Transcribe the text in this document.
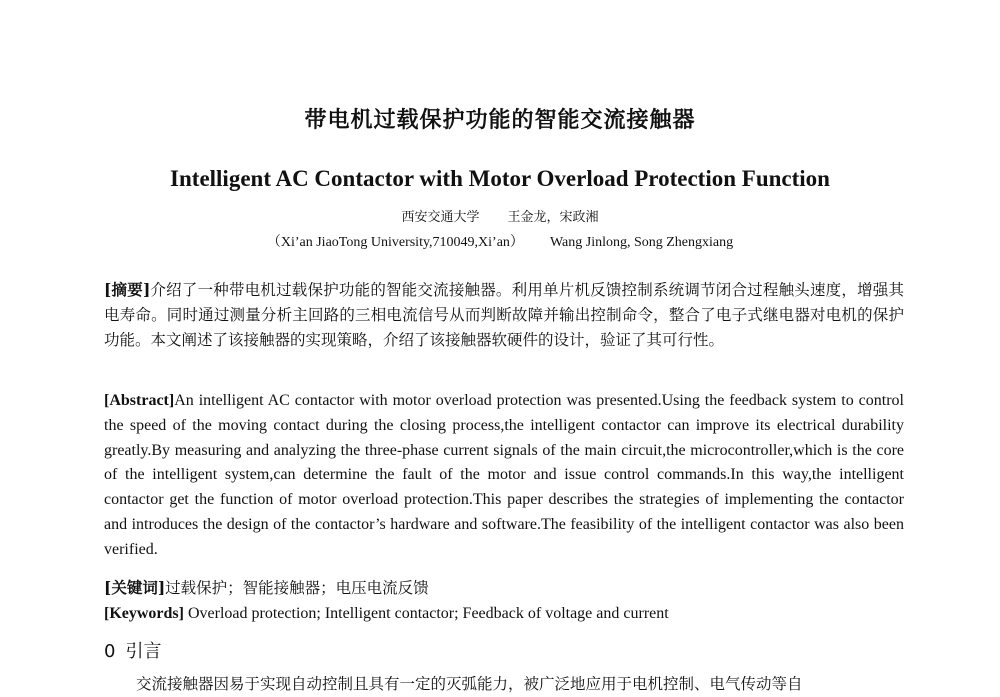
带电机过载保护功能的智能交流接触器
Intelligent AC Contactor with Motor Overload Protection Function
西安交通大学 王金龙，宋政湘
（Xi’an JiaoTong University,710049,Xi’an） Wang Jinlong, Song Zhengxiang

[摘要]介绍了一种带电机过载保护功能的智能交流接触器。利用单片机反馈控制系统调节闭合过程触头速度，增强其电寿命。同时通过测量分析主回路的三相电流信号从而判断故障并输出控制命令，整合了电子式继电器对电机的保护功能。本文阐述了该接触器的实现策略，介绍了该接触器软硬件的设计，验证了其可行性。

[Abstract]An intelligent AC contactor with motor overload protection was presented.Using the feedback system to control the speed of the moving contact during the closing process,the intelligent contactor can improve its electrical durability greatly.By measuring and analyzing the three-phase current signals of the main circuit,the microcontroller,which is the core of the intelligent system,can determine the fault of the motor and issue control commands.In this way,the intelligent contactor get the function of motor overload protection.This paper describes the strategies of implementing the contactor and introduces the design of the contactor’s hardware and software.The feasibility of the intelligent contactor was also been verified.

[关键词]过载保护；智能接触器；电压电流反馈
[Keywords] Overload protection; Intelligent contactor; Feedback of voltage and current
0 引言
交流接触器因易于实现自动控制且具有一定的灭弧能力，被广泛地应用于电机控制、电气传动等自
